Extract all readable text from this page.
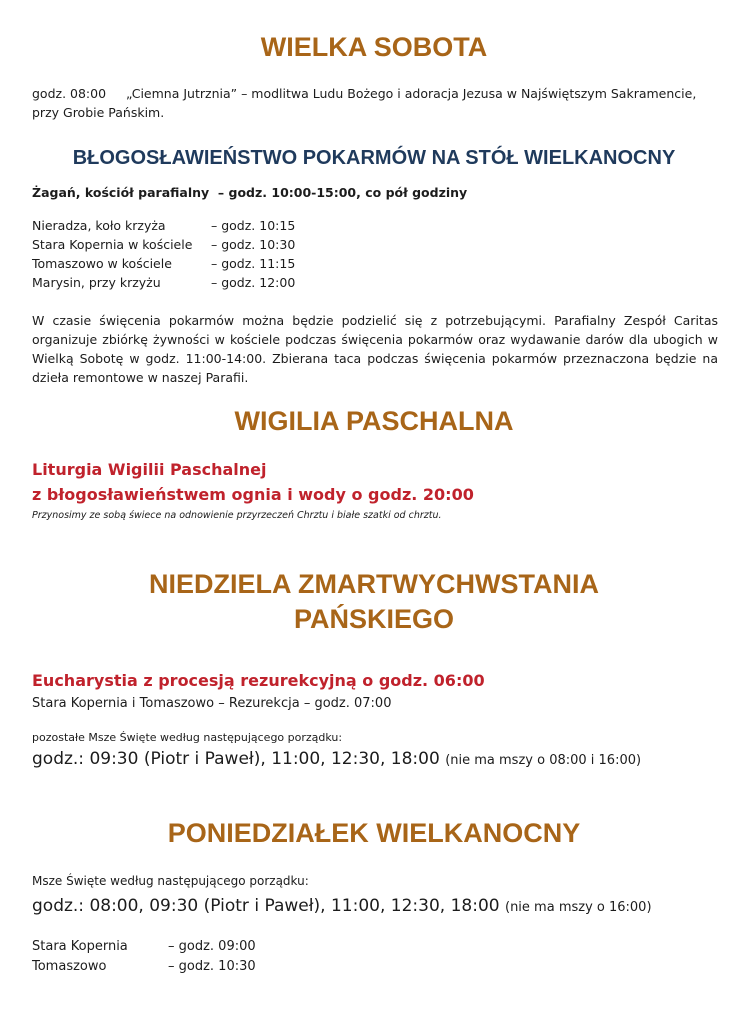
WIELKA SOBOTA
godz. 08:00 „Ciemna Jutrznia” – modlitwa Ludu Bożego i adoracja Jezusa w Najświętszym Sakramencie, przy Grobie Pańskim.
BŁOGOSŁAWIEŃSTWO POKARMÓW NA STÓŁ WIELKANOCNY
Żagań, kościół parafialny – godz. 10:00-15:00, co pół godziny
Nieradza, koło krzyża	– godz. 10:15
Stara Kopernia w kościele	– godz. 10:30
Tomaszowo w kościele	– godz. 11:15
Marysin, przy krzyżu	– godz. 12:00
W czasie święcenia pokarmów można będzie podzielić się z potrzebującymi. Parafialny Zespół Caritas organizuje zbiórkę żywności w kościele podczas święcenia pokarmów oraz wydawanie darów dla ubogich w Wielką Sobotę w godz. 11:00-14:00. Zbierana taca podczas święcenia pokarmów przeznaczona będzie na dzieła remontowe w naszej Parafii.
WIGILIA PASCHALNA
Liturgia Wigilii Paschalnej
z błogosławieństwem ognia i wody o godz. 20:00
Przynosimy ze sobą świece na odnowienie przyrzeczeń Chrztu i białe szatki od chrztu.
NIEDZIELA ZMARTWYCHWSTANIA
PAŃSKIEGO
Eucharystia z procesją rezurekcyjną o godz. 06:00
Stara Kopernia i Tomaszowo – Rezurekcja – godz. 07:00
pozostałe Msze Święte według następującego porządku:
godz.: 09:30 (Piotr i Paweł), 11:00, 12:30, 18:00 (nie ma mszy o 08:00 i 16:00)
PONIEDZIAŁEK WIELKANOCNY
Msze Święte według następującego porządku:
godz.: 08:00, 09:30 (Piotr i Paweł), 11:00, 12:30, 18:00 (nie ma mszy o 16:00)
Stara Kopernia	– godz. 09:00
Tomaszowo	– godz. 10:30
